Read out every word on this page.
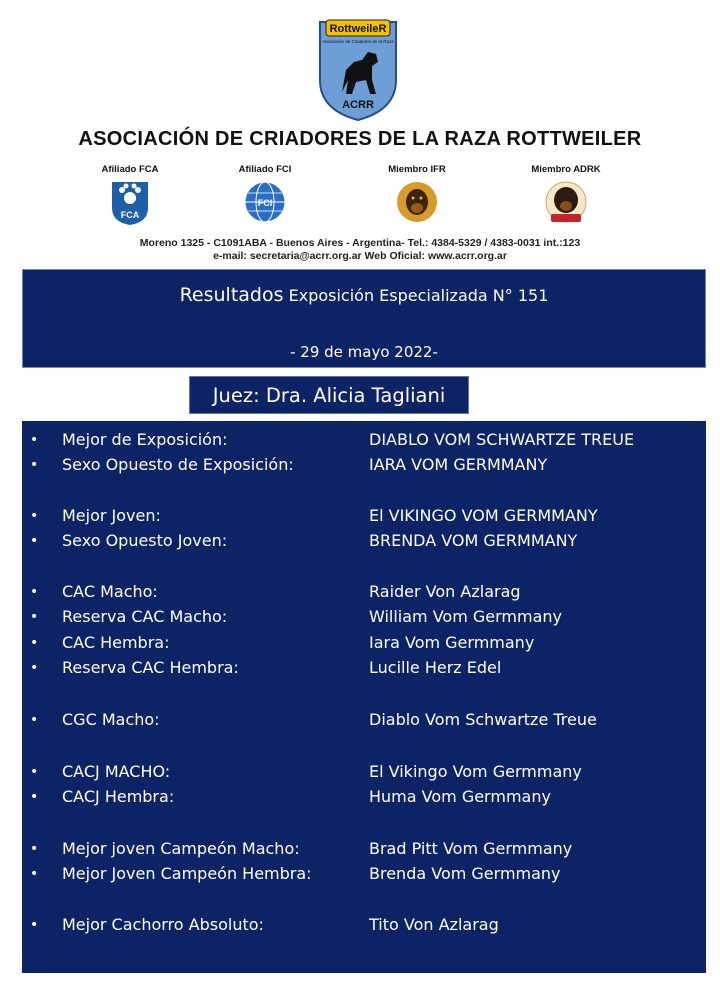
RottweileR
Asociación de Criadores de la Raza
ACRR
ASOCIACIÓN DE CRIADORES DE LA RAZA ROTTWEILER
Afiliado FCA
FCA
Afiliado FCI
FCI
Miembro IFR	Miembro ADRK
Moreno 1325 - C1091ABA - Buenos Aires - Argentina- Tel.: 4384-5329 / 4383-0031 int.:123
e-mail: secretaria@acrr.org.ar Web Oficial: www.acrr.org.ar
Resultados Exposición Especializada N° 151
- 29 de mayo 2022-
Juez: Dra. Alicia Tagliani
• Mejor de Exposición:	DIABLO VOM SCHWARTZE TREUE
• Sexo Opuesto de Exposición:	IARA VOM GERMMANY
• Mejor Joven:	El VIKINGO VOM GERMMANY
• Sexo Opuesto Joven:	BRENDA VOM GERMMANY
• CAC Macho:	Raider Von Azlarag
• Reserva CAC Macho:	William Vom Germmany
• CAC Hembra:	Iara Vom Germmany
• Reserva CAC Hembra:	Lucille Herz Edel
• CGC Macho:	Diablo Vom Schwartze Treue
• CACJ MACHO:	El Vikingo Vom Germmany
• CACJ Hembra:	Huma Vom Germmany
• Mejor joven Campeón Macho:	Brad Pitt Vom Germmany
• Mejor Joven Campeón Hembra:	Brenda Vom Germmany
• Mejor Cachorro Absoluto:	Tito Von Azlarag
